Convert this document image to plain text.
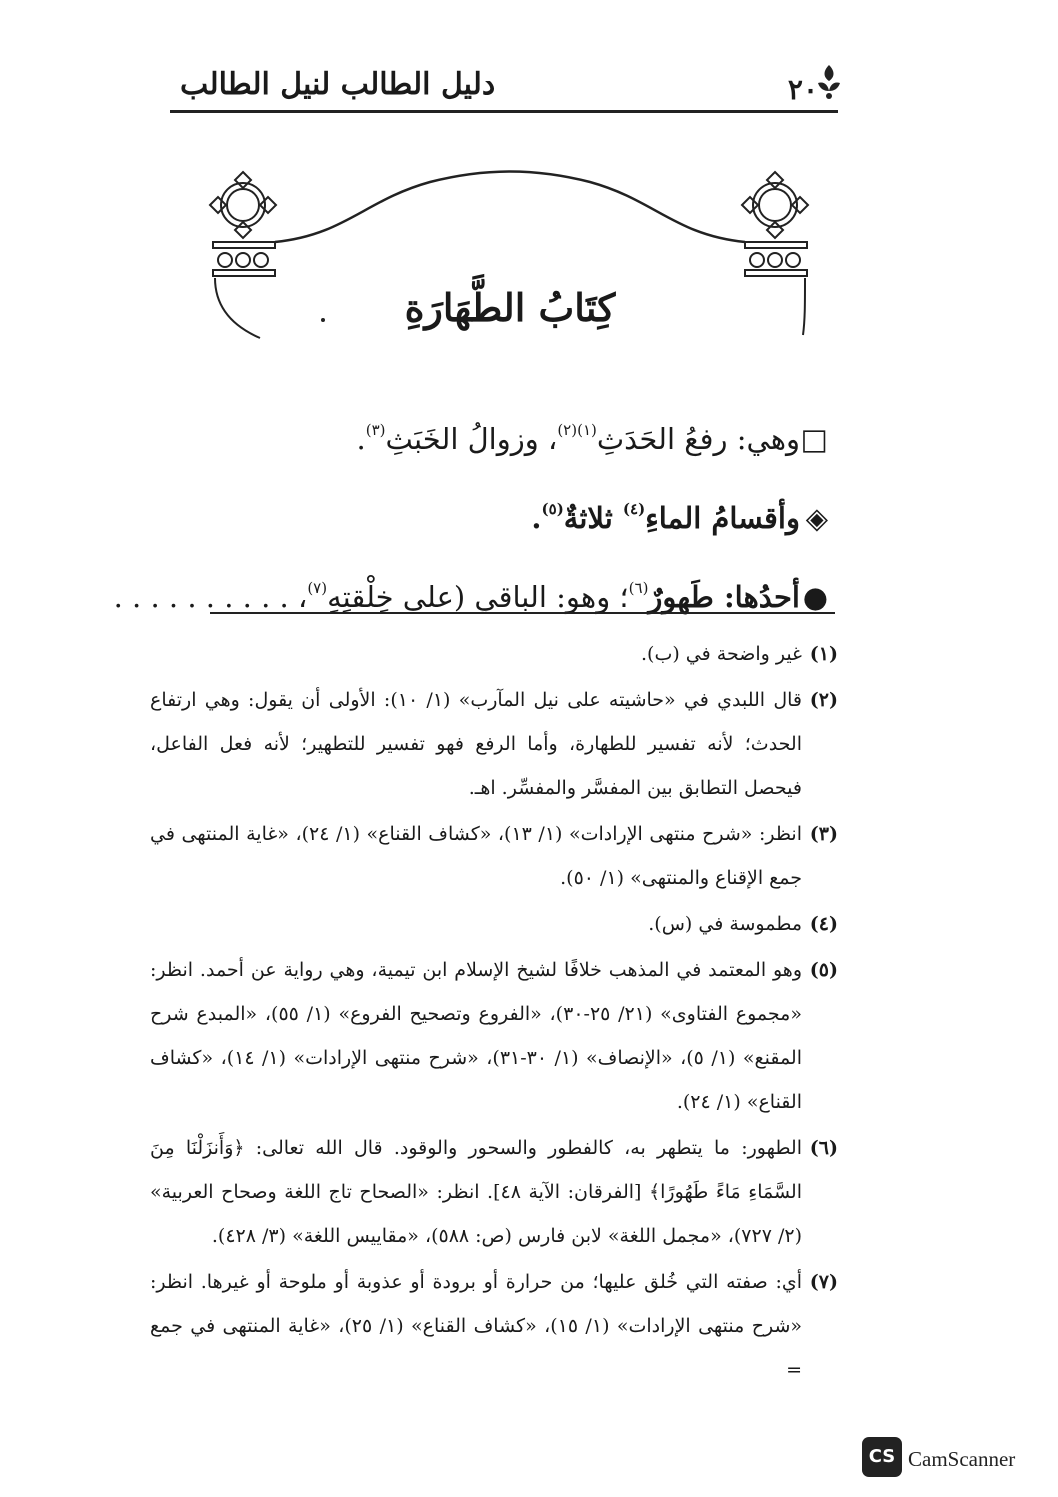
٢٠
دليل الطالب لنيل الطالب
كِتَابُ الطَّهَارَةِ
□وهي: رفعُ الحَدَثِ$^{(١)(٢)}$، وزوالُ الخَبَثِ$^{(٣)}$.
◈وأقسامُ الماءِ$^{(٤)}$ ثلاثةٌ$^{(٥)}$.
●أحدُها: طَهورٌ$^{(٦)}$؛ وهو: الباقي (على خِلْقتِهِ$^{(٧)}$، . . . . . . . . . .
(١)غير واضحة في (ب).
(٢)قال اللبدي في «حاشيته على نيل المآرب» (١/ ١٠): الأولى أن يقول: وهي ارتفاع الحدث؛ لأنه تفسير للطهارة، وأما الرفع فهو تفسير للتطهير؛ لأنه فعل الفاعل، فيحصل التطابق بين المفسَّر والمفسِّر. اهـ.
(٣)انظر: «شرح منتهى الإرادات» (١/ ١٣)، «كشاف القناع» (١/ ٢٤)، «غاية المنتهى في جمع الإقناع والمنتهى» (١/ ٥٠).
(٤)مطموسة في (س).
(٥)وهو المعتمد في المذهب خلافًا لشيخ الإسلام ابن تيمية، وهي رواية عن أحمد. انظر: «مجموع الفتاوى» (٢١/ ٢٥-٣٠)، «الفروع وتصحيح الفروع» (١/ ٥٥)، «المبدع شرح المقنع» (١/ ٥)، «الإنصاف» (١/ ٣٠-٣١)، «شرح منتهى الإرادات» (١/ ١٤)، «كشاف القناع» (١/ ٢٤).
(٦)الطهور: ما يتطهر به، كالفطور والسحور والوقود. قال الله تعالى: ﴿وَأَنزَلْنَا مِنَ السَّمَاءِ مَاءً طَهُورًا﴾ [الفرقان: الآية ٤٨]. انظر: «الصحاح تاج اللغة وصحاح العربية» (٢/ ٧٢٧)، «مجمل اللغة» لابن فارس (ص: ٥٨٨)، «مقاييس اللغة» (٣/ ٤٢٨).
(٧)أي: صفته التي خُلق عليها؛ من حرارة أو برودة أو عذوبة أو ملوحة أو غيرها. انظر: «شرح منتهى الإرادات» (١/ ١٥)، «كشاف القناع» (١/ ٢٥)، «غاية المنتهى في جمع =
CS CamScanner
